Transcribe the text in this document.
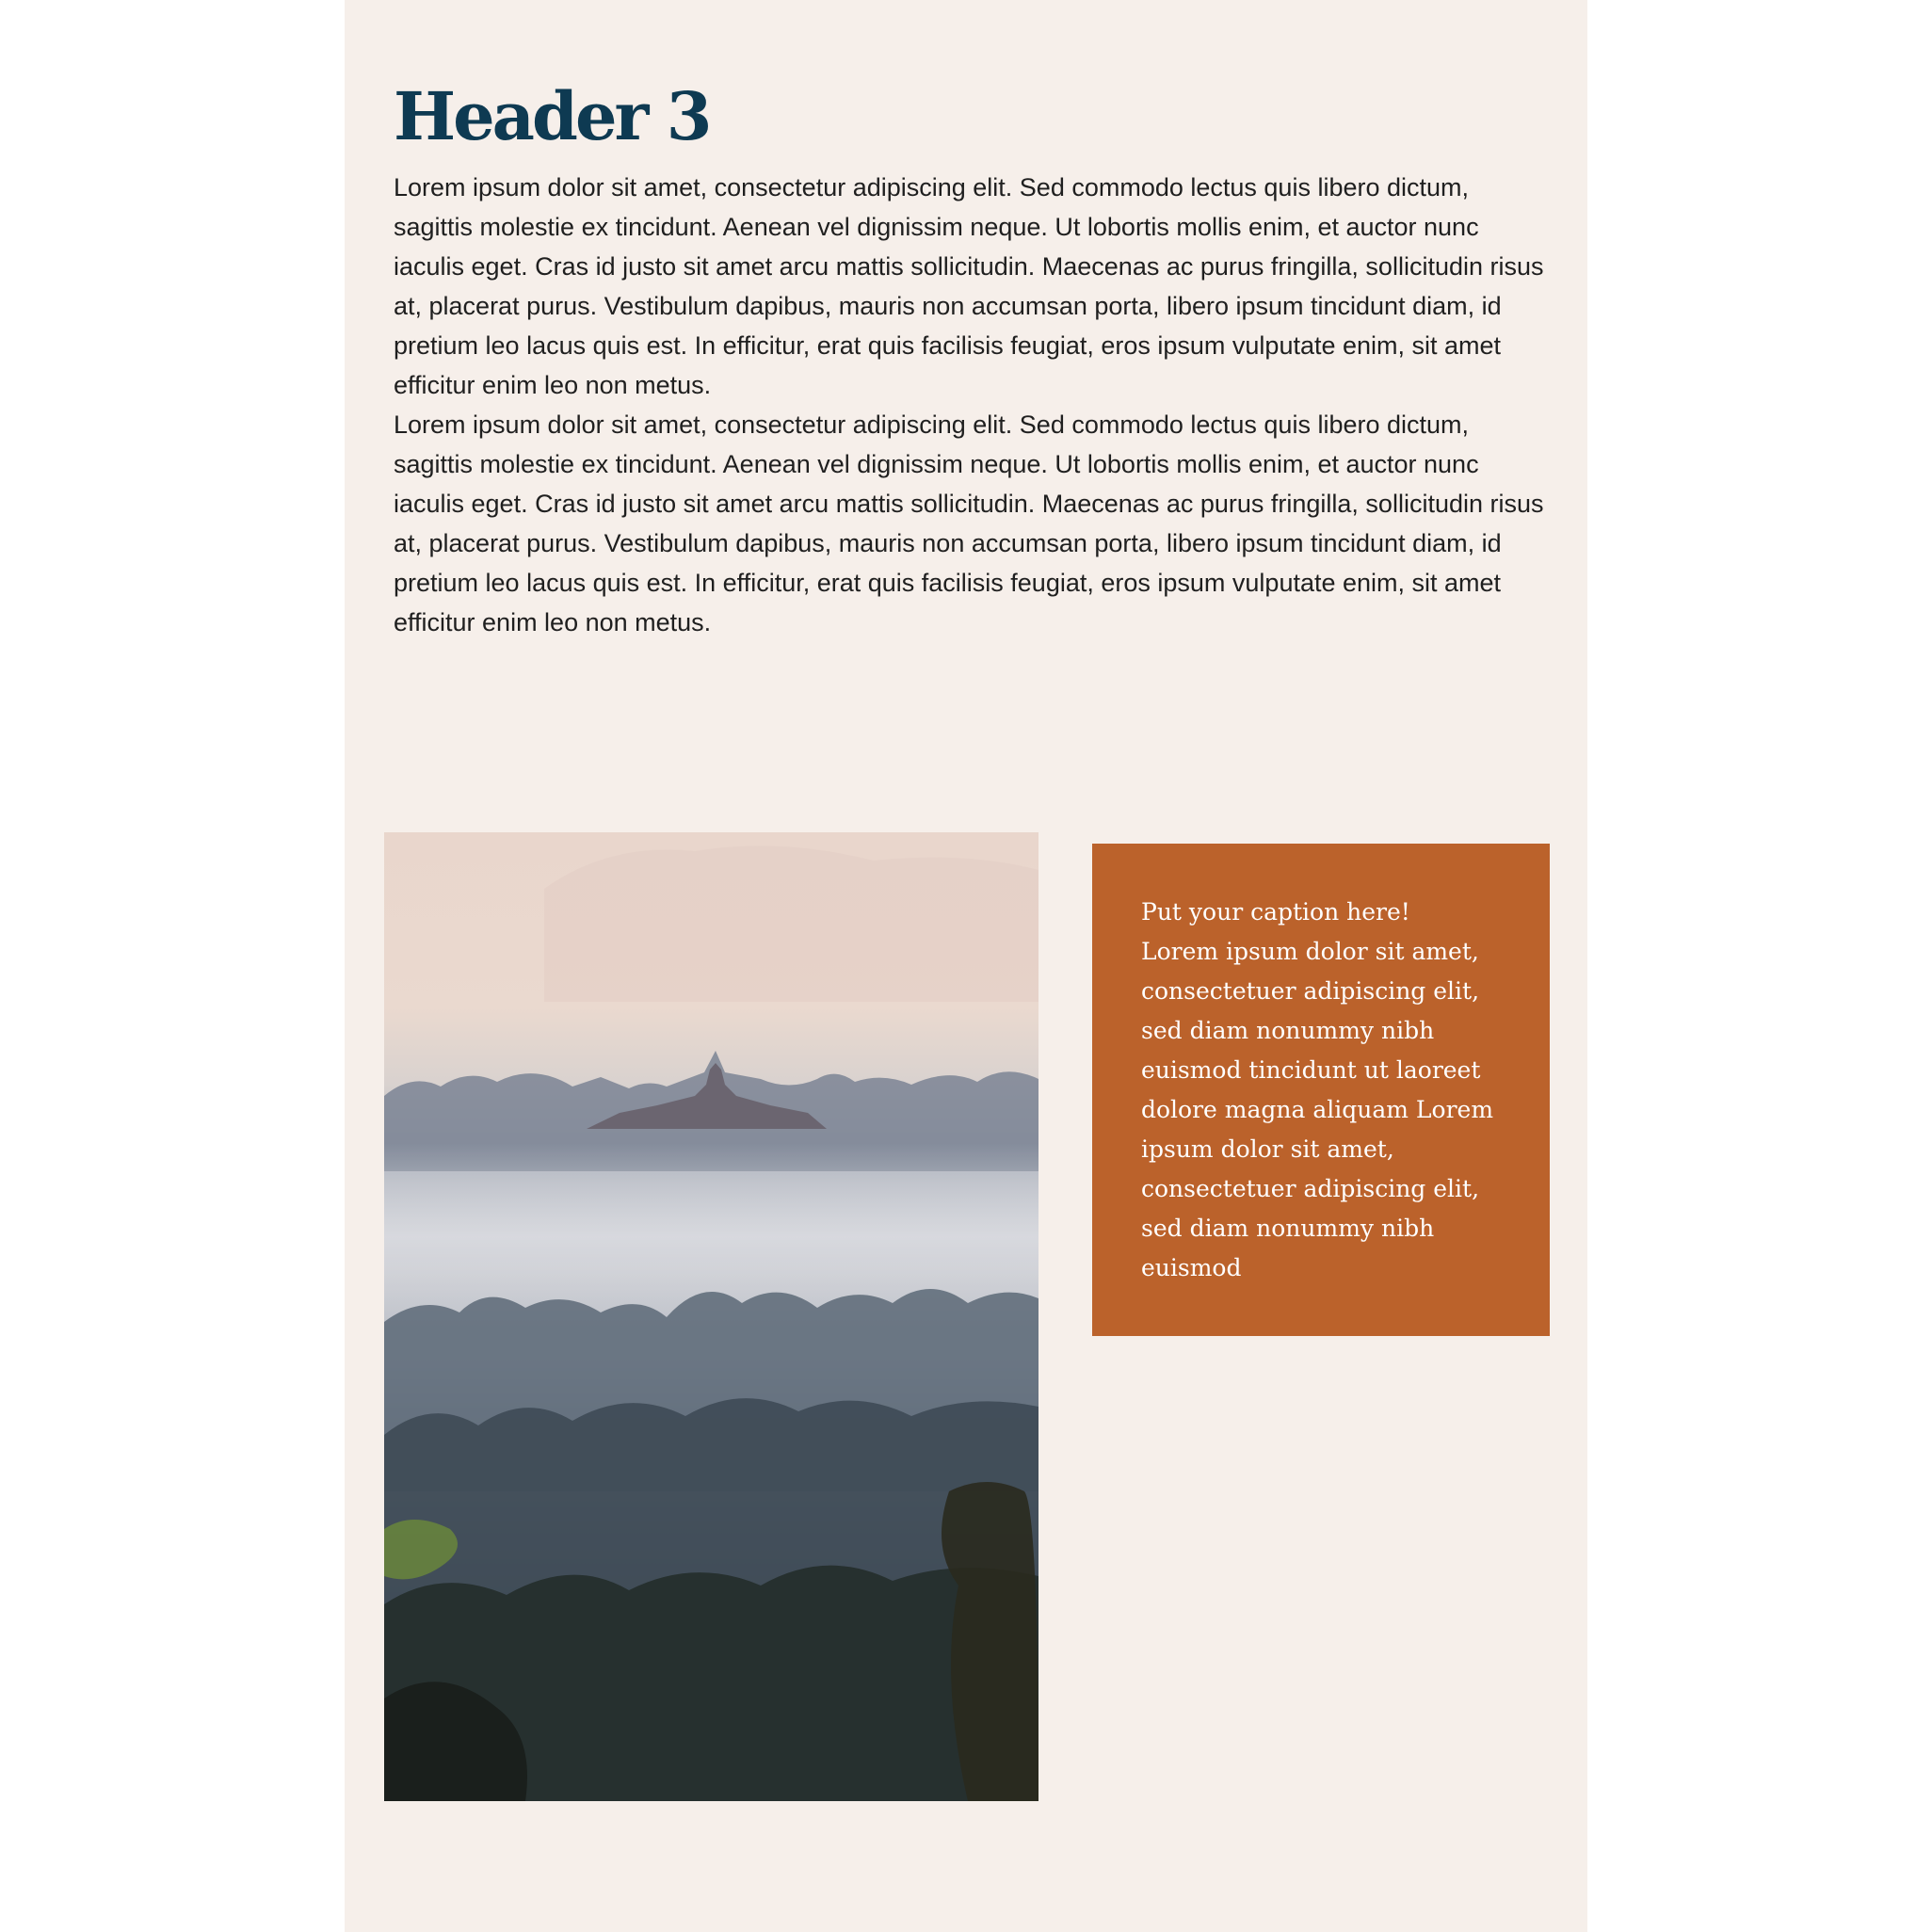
Header 3

Lorem ipsum dolor sit amet, consectetur adipiscing elit. Sed commodo lectus quis libero dictum, sagittis molestie ex tincidunt. Aenean vel dignissim neque. Ut lobortis mollis enim, et auctor nunc iaculis eget. Cras id justo sit amet arcu mattis sollicitudin. Maecenas ac purus fringilla, sollicitudin risus at, placerat purus. Vestibulum dapibus, mauris non accumsan porta, libero ipsum tincidunt diam, id pretium leo lacus quis est. In efficitur, erat quis facilisis feugiat, eros ipsum vulputate enim, sit amet efficitur enim leo non metus.

Lorem ipsum dolor sit amet, consectetur adipiscing elit. Sed commodo lectus quis libero dictum, sagittis molestie ex tincidunt. Aenean vel dignissim neque. Ut lobortis mollis enim, et auctor nunc iaculis eget. Cras id justo sit amet arcu mattis sollicitudin. Maecenas ac purus fringilla, sollicitudin risus at, placerat purus. Vestibulum dapibus, mauris non accumsan porta, libero ipsum tincidunt diam, id pretium leo lacus quis est. In efficitur, erat quis facilisis feugiat, eros ipsum vulputate enim, sit amet efficitur enim leo non metus.

Put your caption here!

Lorem ipsum dolor sit amet, consectetuer adipiscing elit, sed diam nonummy nibh euismod tincidunt ut laoreet dolore magna aliquam Lorem ipsum dolor sit amet, consectetuer adipiscing elit, sed diam nonummy nibh euismod
